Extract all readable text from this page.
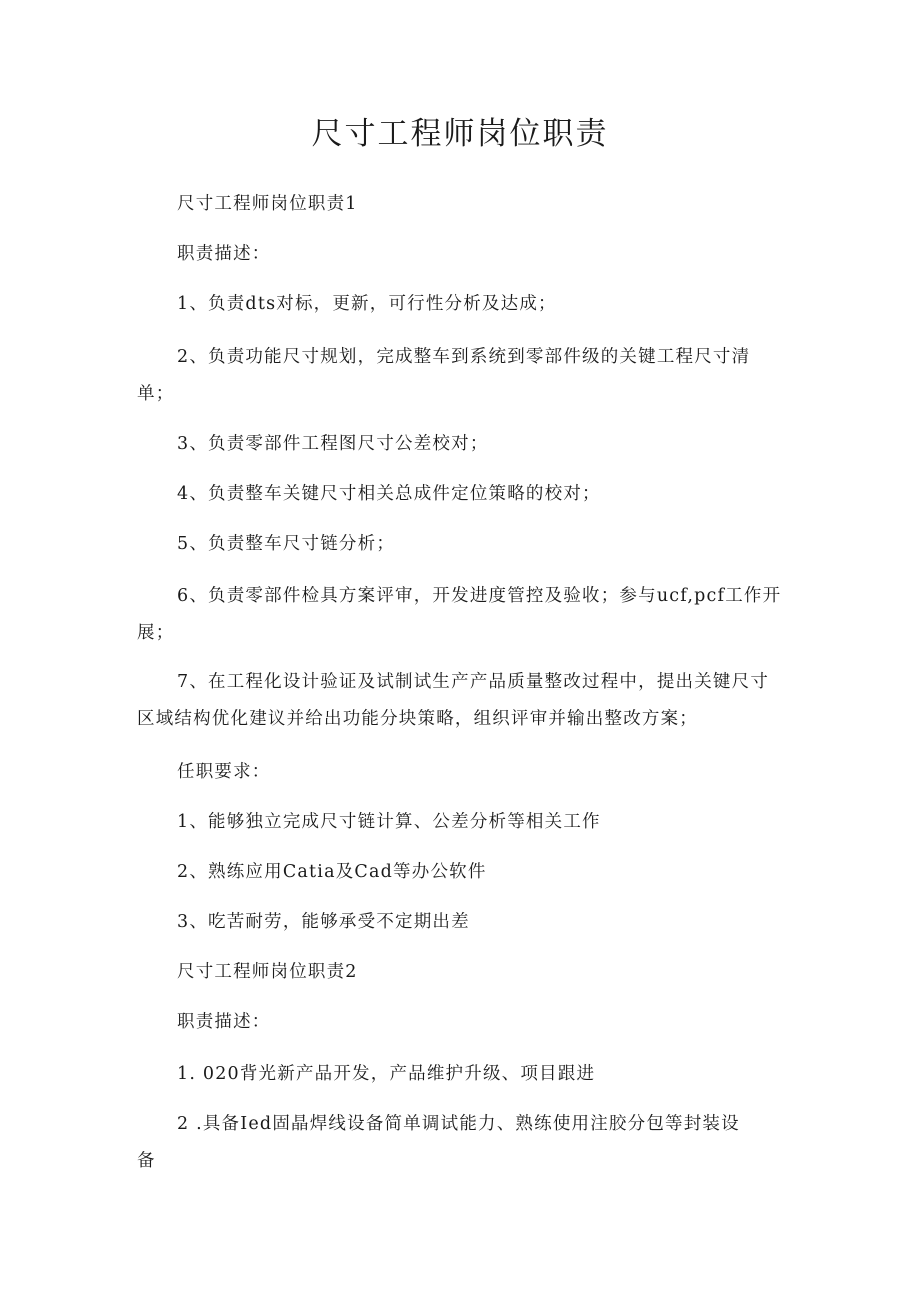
尺寸工程师岗位职责

尺寸工程师岗位职责1

职责描述：

1、负责dts对标，更新，可行性分析及达成；

2、负责功能尺寸规划，完成整车到系统到零部件级的关键工程尺寸清单；

3、负责零部件工程图尺寸公差校对；

4、负责整车关键尺寸相关总成件定位策略的校对；

5、负责整车尺寸链分析；

6、负责零部件检具方案评审，开发进度管控及验收；参与ucf,pcf工作开展；

7、在工程化设计验证及试制试生产产品质量整改过程中，提出关键尺寸区域结构优化建议并给出功能分块策略，组织评审并输出整改方案；

任职要求：

1、能够独立完成尺寸链计算、公差分析等相关工作

2、熟练应用Catia及Cad等办公软件

3、吃苦耐劳，能够承受不定期出差

尺寸工程师岗位职责2

职责描述：

1. 020背光新产品开发，产品维护升级、项目跟进

2 .具备Ied固晶焊线设备简单调试能力、熟练使用注胶分包等封装设备
